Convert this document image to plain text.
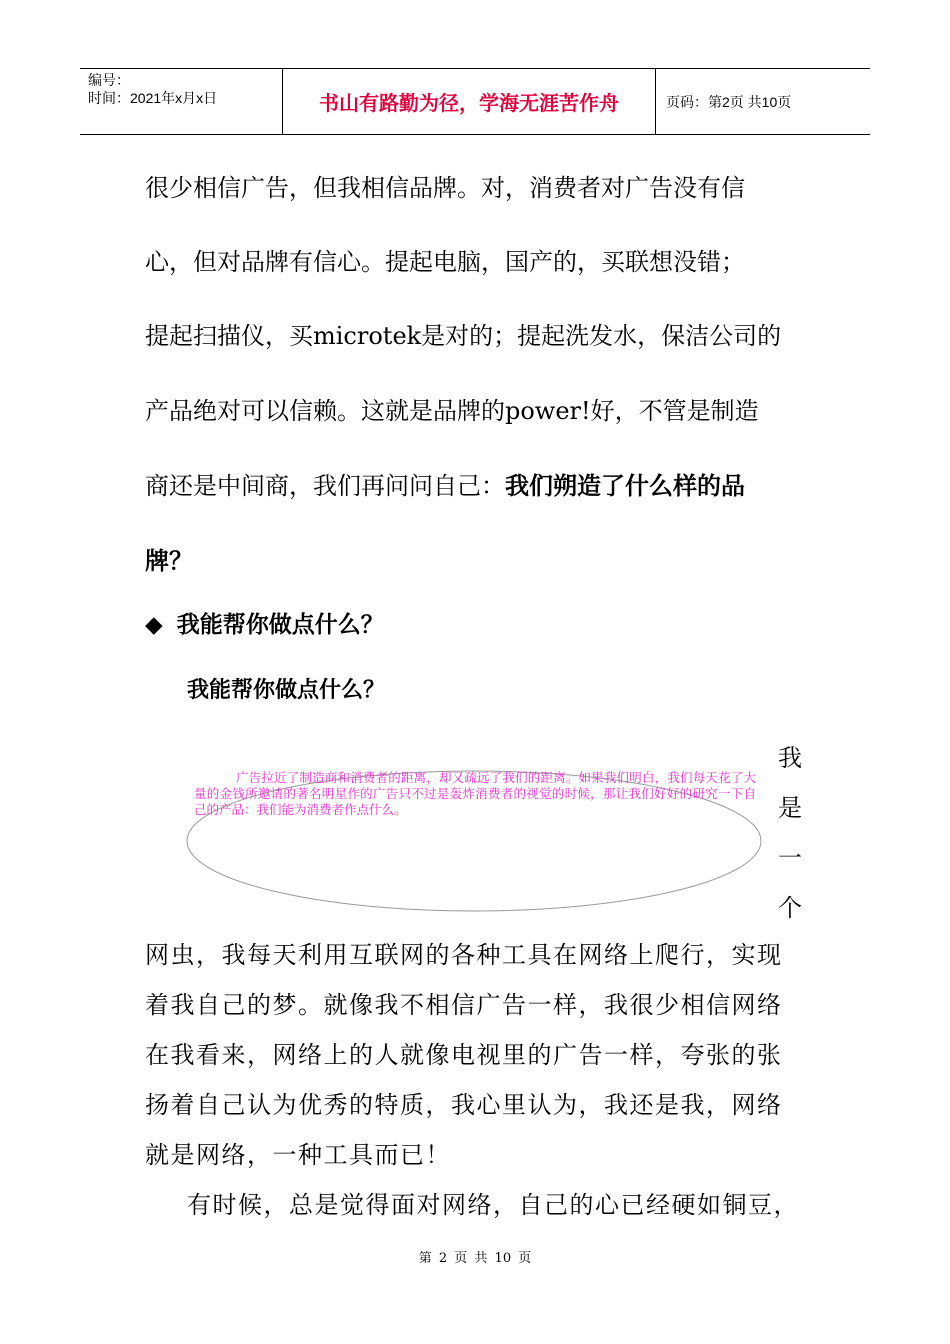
编号：
时间：2021年x月x日	书山有路勤为径，学海无涯苦作舟	页码：第2页 共10页
很少相信广告，但我相信品牌。对，消费者对广告没有信
心，但对品牌有信心。提起电脑，国产的，买联想没错；
提起扫描仪，买microtek是对的；提起洗发水，保洁公司的
产品绝对可以信赖。这就是品牌的power!好，不管是制造
商还是中间商，我们再问问自己：我们朔造了什么样的品
牌？
◆ 我能帮你做点什么？
我能帮你做点什么？
广告拉近了制造商和消费者的距离，却又疏远了我们的距离。如果我们明白，我们每天花了大量的金钱所邀请的著名明星作的广告只不过是轰炸消费者的视觉的时候，那让我们好好的研究一下自己的产品：我们能为消费者作点什么。
我
是
一
个
网虫，我每天利用互联网的各种工具在网络上爬行，实现
着我自己的梦。就像我不相信广告一样，我很少相信网络
在我看来，网络上的人就像电视里的广告一样，夸张的张
扬着自己认为优秀的特质，我心里认为，我还是我，网络
就是网络，一种工具而已！
有时候，总是觉得面对网络，自己的心已经硬如铜豆，
第 2 页 共 10 页
